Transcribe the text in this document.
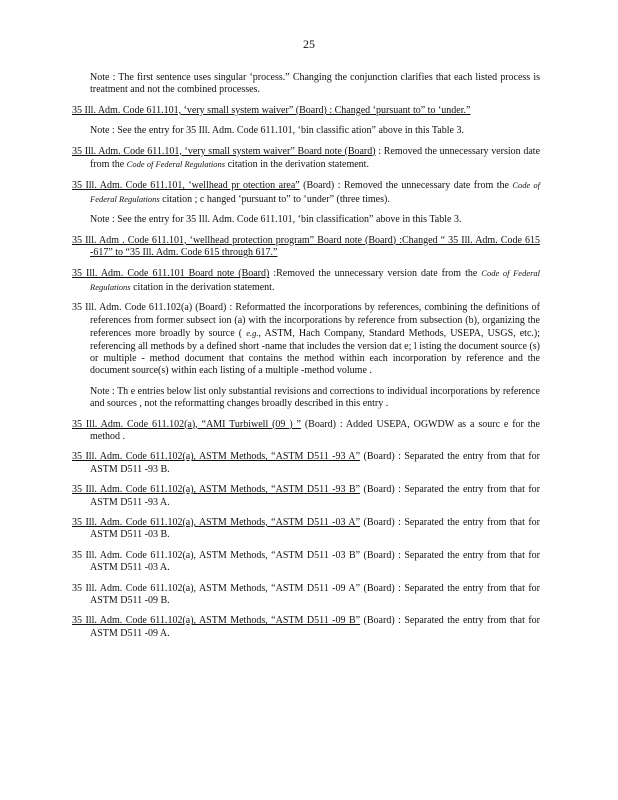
25

Note : The first sentence uses singular ‘process.” Changing the conjunction clarifies that each listed process is treatment and not the combined processes.

35 Ill. Adm. Code 611.101, ‘very small system waiver” (Board) : Changed ‘pursuant to” to ‘under.”

Note : See the entry for 35 Ill. Adm. Code 611.101, ‘bin classific ation” above in this Table 3.

35 Ill. Adm. Code 611.101, ‘very small system waiver” Board note (Board) : Removed the unnecessary version date from the Code of Federal Regulations citation in the derivation statement.

35 Ill. Adm. Code 611.101, ‘wellhead pr otection area” (Board) : Removed the unnecessary date from the Code of Federal Regulations citation ; c hanged ‘pursuant to” to ‘under” (three times).

Note : See the entry for 35 Ill. Adm. Code 611.101, ‘bin classification” above in this Table 3.

35 Ill. Adm . Code 611.101, ‘wellhead protection program” Board note (Board) :Changed “ 35 Ill. Adm. Code 615 -617” to “35 Ill. Adm. Code 615 through 617.”

35 Ill. Adm. Code 611.101 Board note (Board) :Removed the unnecessary version date from the Code of Federal Regulations citation in the derivation statement.

35 Ill. Adm. Code 611.102(a) (Board) : Reformatted the incorporations by references, combining the definitions of references from former subsect ion (a) with the incorporations by reference from subsection (b), organizing the references more broadly by source ( e.g., ASTM, Hach Company, Standard Methods, USEPA, USGS, etc.); referencing all methods by a defined short -name that includes the version dat e; l isting the document source (s) or multiple - method document that contains the method within each incorporation by reference and the document source(s) within each listing of a multiple -method volume .

Note : Th e entries below list only substantial revisions and corrections to individual incorporations by reference and sources , not the reformatting changes broadly described in this entry .

35 Ill. Adm. Code 611.102(a), “AMI Turbiwell (09 ) ” (Board) : Added USEPA, OGWDW as a sourc e for the method .

35 Ill. Adm. Code 611.102(a), ASTM Methods, “ASTM D511 -93 A” (Board) : Separated the entry from that for ASTM D511 -93 B.

35 Ill. Adm. Code 611.102(a), ASTM Methods, “ASTM D511 -93 B” (Board) : Separated the entry from that for ASTM D511 -93 A.

35 Ill. Adm. Code 611.102(a), ASTM Methods, “ASTM D511 -03 A” (Board) : Separated the entry from that for ASTM D511 -03 B.

35 Ill. Adm. Code 611.102(a), ASTM Methods, “ASTM D511 -03 B” (Board) : Separated the entry from that for ASTM D511 -03 A.

35 Ill. Adm. Code 611.102(a), ASTM Methods, “ASTM D511 -09 A” (Board) : Separated the entry from that for ASTM D511 -09 B.

35 Ill. Adm. Code 611.102(a), ASTM Methods, “ASTM D511 -09 B” (Board) : Separated the entry from that for ASTM D511 -09 A.
